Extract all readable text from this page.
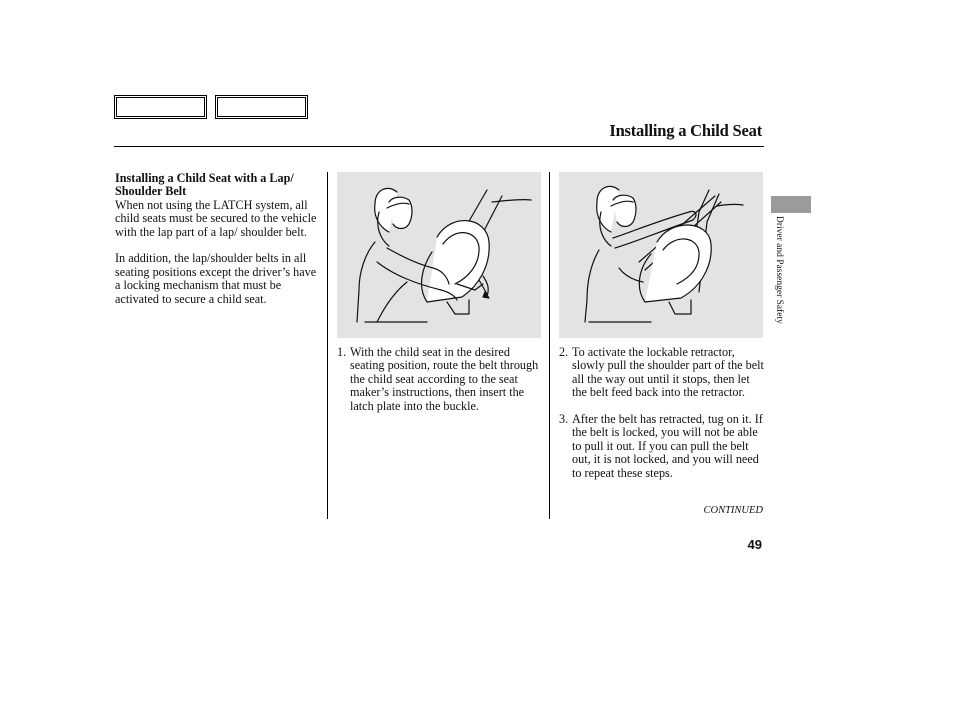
Installing a Child Seat

Installing a Child Seat with a Lap/ Shoulder Belt

When not using the LATCH system, all child seats must be secured to the vehicle with the lap part of a lap/ shoulder belt.

In addition, the lap/shoulder belts in all seating positions except the driver’s have a locking mechanism that must be activated to secure a child seat.

1. With the child seat in the desired seating position, route the belt through the child seat according to the seat maker’s instructions, then insert the latch plate into the buckle.
2. To activate the lockable retractor, slowly pull the shoulder part of the belt all the way out until it stops, then let the belt feed back into the retractor.
3. After the belt has retracted, tug on it. If the belt is locked, you will not be able to pull it out. If you can pull the belt out, it is not locked, and you will need to repeat these steps.
CONTINUED
49
Driver and Passenger Safety
